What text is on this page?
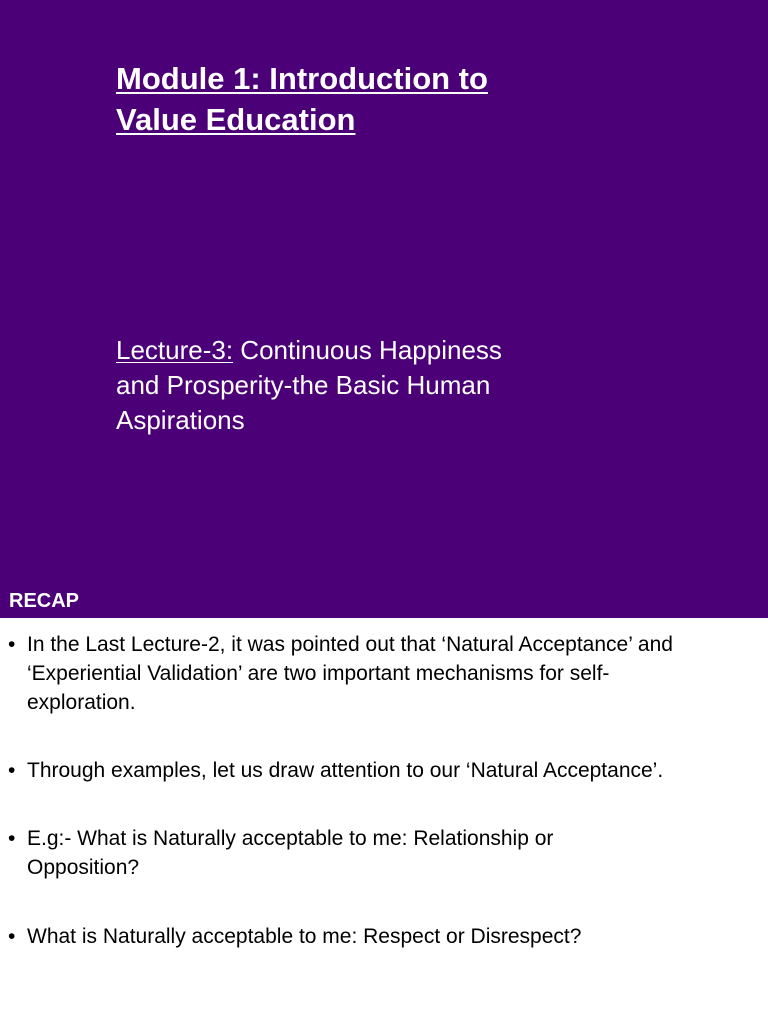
Module 1: Introduction to
Value Education
Lecture-3: Continuous Happiness
and Prosperity-the Basic Human
Aspirations
RECAP
• In the Last Lecture-2, it was pointed out that ‘Natural Acceptance’ and
‘Experiential Validation’ are two important mechanisms for self-
exploration.
• Through examples, let us draw attention to our ‘Natural Acceptance’.
• E.g:- What is Naturally acceptable to me: Relationship or
Opposition?
• What is Naturally acceptable to me: Respect or Disrespect?
